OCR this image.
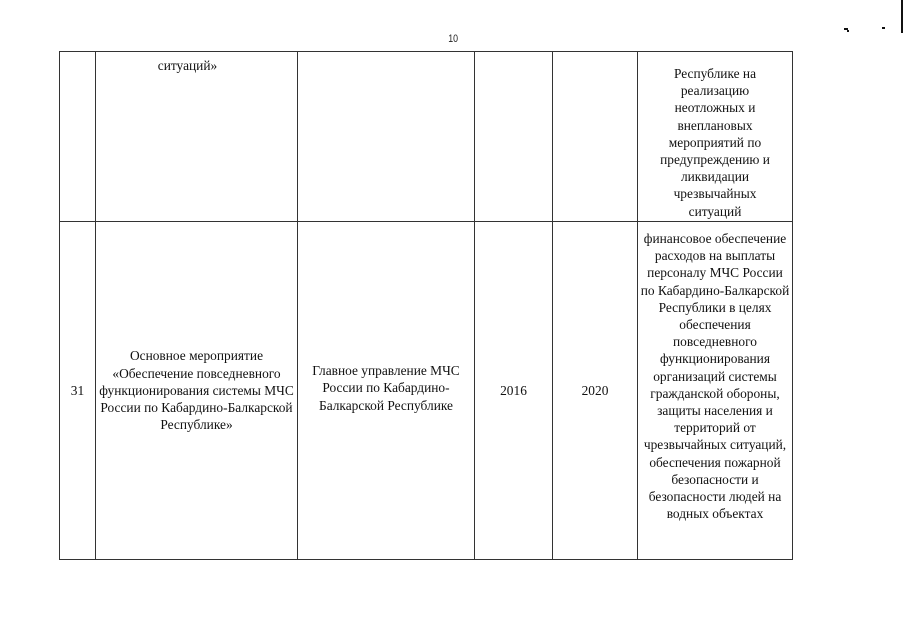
10

	ситуаций»				Республике на реализацию неотложных и внеплановых мероприятий по предупреждению и ликвидации чрезвычайных ситуаций

31	Основное мероприятие «Обеспечение повседневного функционирования системы МЧС России по Кабардино-Балкарской Республике»	Главное управление МЧС России по Кабардино-Балкарской Республике	2016	2020	финансовое обеспечение расходов на выплаты персоналу МЧС России по Кабардино-Балкарской Республики в целях обеспечения повседневного функционирования организаций системы гражданской обороны, защиты населения и территорий от чрезвычайных ситуаций, обеспечения пожарной безопасности и безопасности людей на водных объектах
